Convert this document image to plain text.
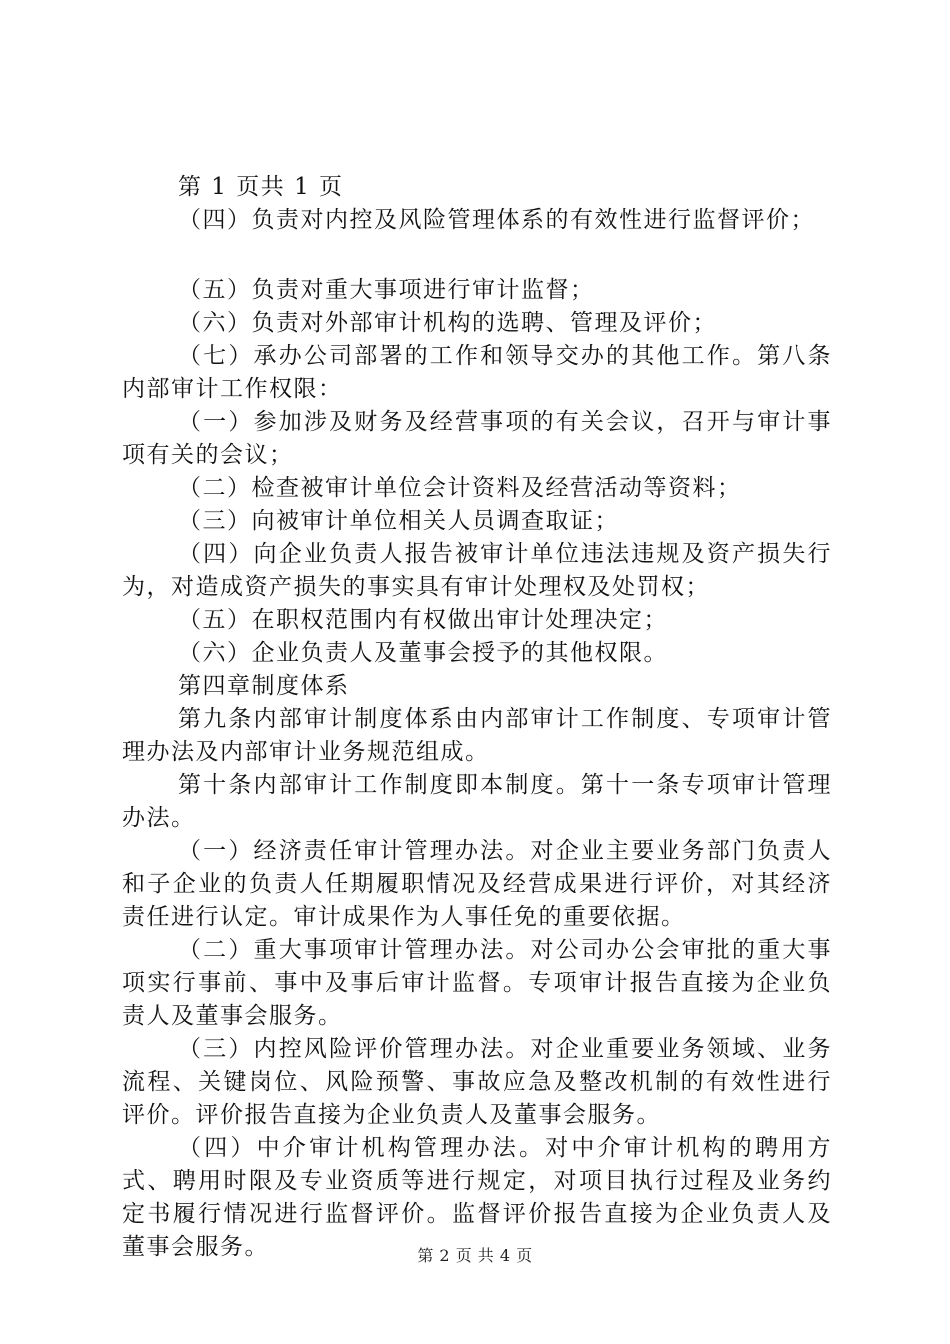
第 1 页共 1 页

（四）负责对内控及风险管理体系的有效性进行监督评价；

（五）负责对重大事项进行审计监督；

（六）负责对外部审计机构的选聘、管理及评价；

（七）承办公司部署的工作和领导交办的其他工作。第八条内部审计工作权限：

（一）参加涉及财务及经营事项的有关会议，召开与审计事项有关的会议；

（二）检查被审计单位会计资料及经营活动等资料；

（三）向被审计单位相关人员调查取证；

（四）向企业负责人报告被审计单位违法违规及资产损失行为，对造成资产损失的事实具有审计处理权及处罚权；

（五）在职权范围内有权做出审计处理决定；

（六）企业负责人及董事会授予的其他权限。

第四章制度体系

第九条内部审计制度体系由内部审计工作制度、专项审计管理办法及内部审计业务规范组成。

第十条内部审计工作制度即本制度。第十一条专项审计管理办法。

（一）经济责任审计管理办法。对企业主要业务部门负责人和子企业的负责人任期履职情况及经营成果进行评价，对其经济责任进行认定。审计成果作为人事任免的重要依据。

（二）重大事项审计管理办法。对公司办公会审批的重大事项实行事前、事中及事后审计监督。专项审计报告直接为企业负责人及董事会服务。

（三）内控风险评价管理办法。对企业重要业务领域、业务流程、关键岗位、风险预警、事故应急及整改机制的有效性进行评价。评价报告直接为企业负责人及董事会服务。

（四）中介审计机构管理办法。对中介审计机构的聘用方式、聘用时限及专业资质等进行规定，对项目执行过程及业务约定书履行情况进行监督评价。监督评价报告直接为企业负责人及董事会服务。	第 2 页 共 4 页
